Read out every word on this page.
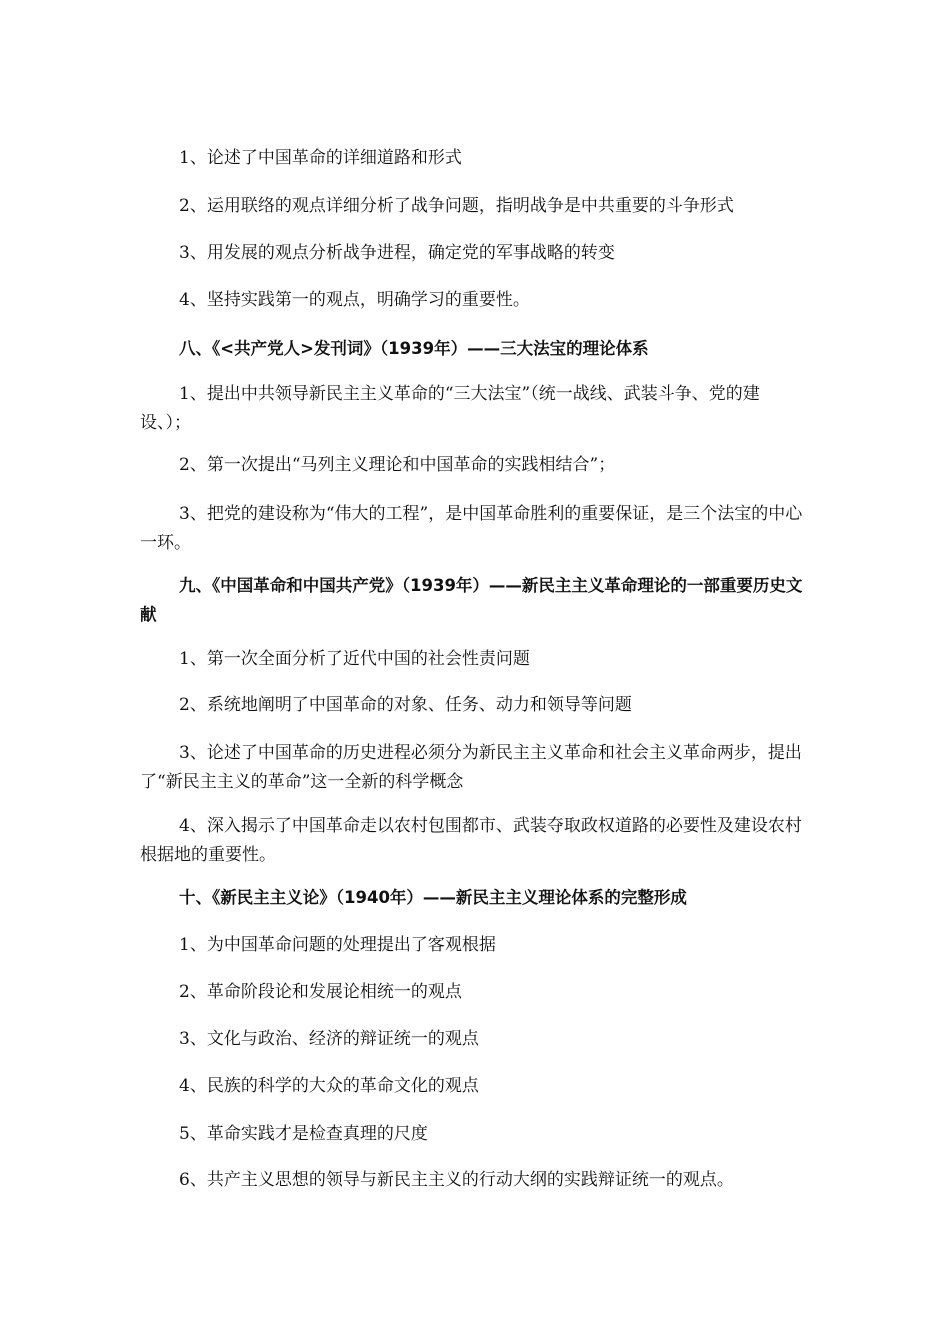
1、论述了中国革命的详细道路和形式
2、运用联络的观点详细分析了战争问题，指明战争是中共重要的斗争形式
3、用发展的观点分析战争进程，确定党的军事战略的转变
4、坚持实践第一的观点，明确学习的重要性。
八、《<共产党人>发刊词》（1939年）——三大法宝的理论体系
1、提出中共领导新民主主义革命的“三大法宝”（统一战线、武装斗争、党的建设、）；
2、第一次提出“马列主义理论和中国革命的实践相结合”；
3、把党的建设称为“伟大的工程”，是中国革命胜利的重要保证，是三个法宝的中心一环。
九、《中国革命和中国共产党》（1939年）——新民主主义革命理论的一部重要历史文献
1、第一次全面分析了近代中国的社会性责问题
2、系统地阐明了中国革命的对象、任务、动力和领导等问题
3、论述了中国革命的历史进程必须分为新民主主义革命和社会主义革命两步，提出了“新民主主义的革命”这一全新的科学概念
4、深入揭示了中国革命走以农村包围都市、武装夺取政权道路的必要性及建设农村根据地的重要性。
十、《新民主主义论》（1940年）——新民主主义理论体系的完整形成
1、为中国革命问题的处理提出了客观根据
2、革命阶段论和发展论相统一的观点
3、文化与政治、经济的辩证统一的观点
4、民族的科学的大众的革命文化的观点
5、革命实践才是检查真理的尺度
6、共产主义思想的领导与新民主主义的行动大纲的实践辩证统一的观点。
